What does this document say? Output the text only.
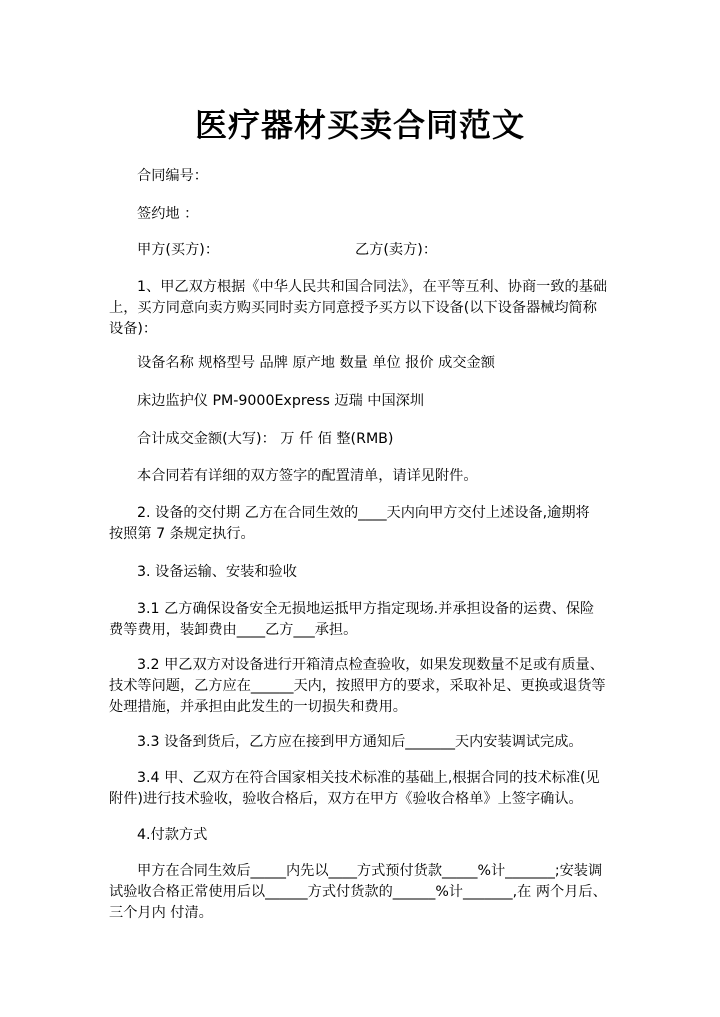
医疗器材买卖合同范文
合同编号：
签约地 ：
甲方(买方)：	乙方(卖方)：
1、甲乙双方根据《中华人民共和国合同法》，在平等互利、协商一致的基础
上，买方同意向卖方购买同时卖方同意授予买方以下设备(以下设备器械均简称
设备)：
设备名称 规格型号 品牌 原产地 数量 单位 报价 成交金额
床边监护仪 PM-9000Express 迈瑞 中国深圳
合计成交金额(大写)： 万 仟 佰 整(RMB)
本合同若有详细的双方签字的配置清单，请详见附件。
2. 设备的交付期 乙方在合同生效的____天内向甲方交付上述设备,逾期将
按照第 7 条规定执行。
3. 设备运输、安装和验收
3.1 乙方确保设备安全无损地运抵甲方指定现场.并承担设备的运费、保险
费等费用，装卸费由____乙方___承担。
3.2 甲乙双方对设备进行开箱清点检查验收，如果发现数量不足或有质量、
技术等问题，乙方应在______天内，按照甲方的要求，采取补足、更换或退货等
处理措施，并承担由此发生的一切损失和费用。
3.3 设备到货后，乙方应在接到甲方通知后_______天内安装调试完成。
3.4 甲、乙双方在符合国家相关技术标准的基础上,根据合同的技术标准(见
附件)进行技术验收，验收合格后，双方在甲方《验收合格单》上签字确认。
4.付款方式
甲方在合同生效后_____内先以____方式预付货款_____%计_______;安装调
试验收合格正常使用后以______方式付货款的______%计_______,在 两个月后、
三个月内 付清。
